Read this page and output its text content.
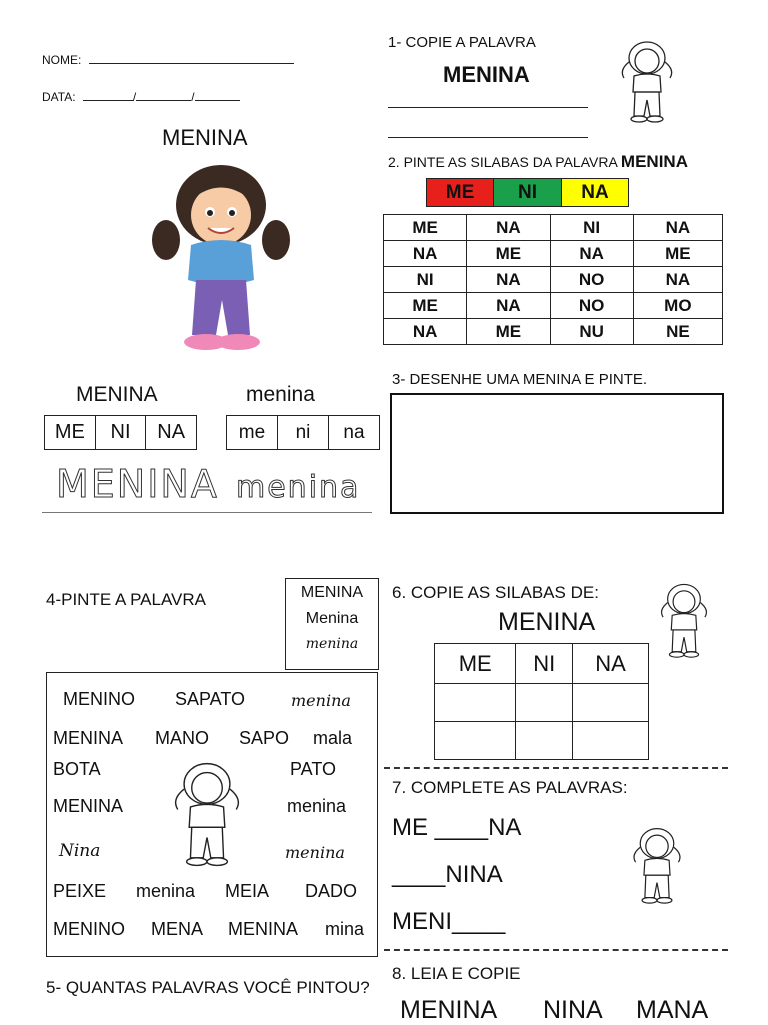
NOME:
DATA:	/	/
MENINA
MENINA	menina
ME	NI	NA	me	ni	na
MENINA menina
1- COPIE A PALAVRA
MENINA
2. PINTE AS SILABAS DA PALAVRA MENINA
ME	NI	NA
ME	NA	NI	NA
NA	ME	NA	ME
NI	NA	NO	NA
ME	NA	NO	MO
NA	ME	NU	NE
3- DESENHE UMA MENINA E PINTE.
4-PINTE A PALAVRA	MENINA
Menina
menina
MENINO SAPATO	menina
MENINA MANO SAPO mala
BOTA	PATO
MENINA	menina
Nina	menina
PEIXE menina MEIA DADO
MENINO MENA MENINA mina
5- QUANTAS PALAVRAS VOCÊ PINTOU?
6. COPIE AS SILABAS DE:
MENINA
ME	NI	NA

7. COMPLETE AS PALAVRAS:
ME ____NA
____NINA
MENI____
8. LEIA E COPIE
MENINA NINA MANA
